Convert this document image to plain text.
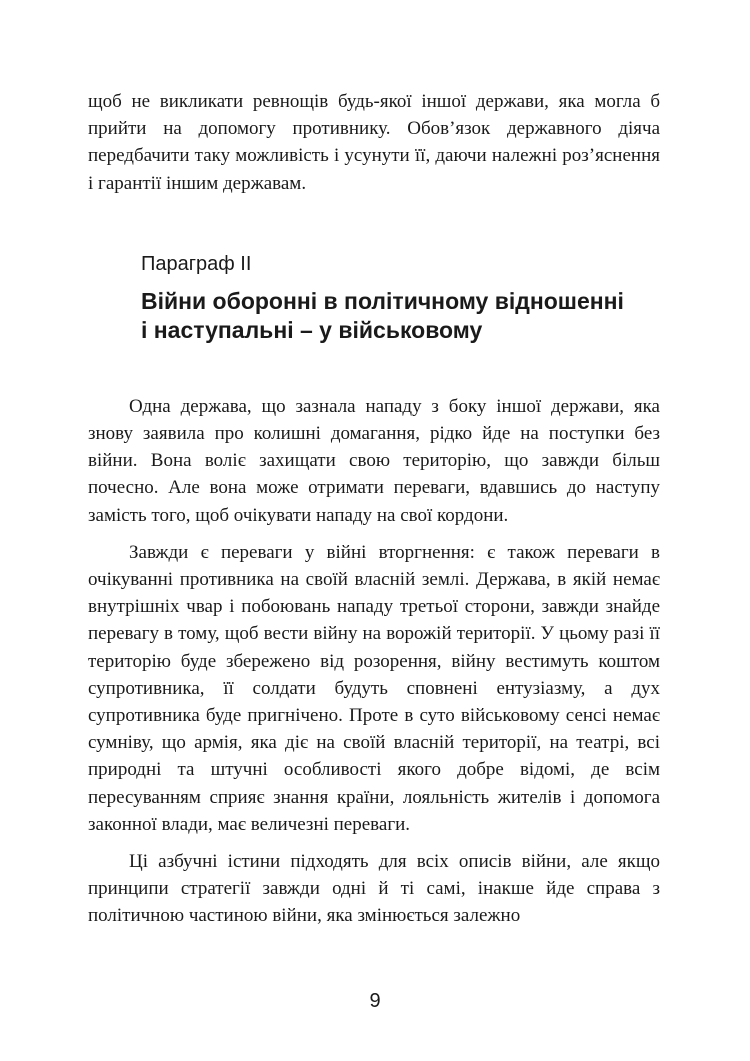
щоб не викликати ревнощів будь-якої іншої держави, яка могла б прийти на допомогу противнику. Обов’язок державного діяча передбачити таку можливість і усунути її, даючи належні роз’яснення і гарантії іншим державам.

Параграф II

Війни оборонні в політичному відношенні
і наступальні – у військовому

Одна держава, що зазнала нападу з боку іншої держави, яка знову заявила про колишні домагання, рідко йде на поступки без війни. Вона воліє захищати свою територію, що завжди більш почесно. Але вона може отримати переваги, вдавшись до наступу замість того, щоб очікувати нападу на свої кордони.

Завжди є переваги у війні вторгнення: є також переваги в очікуванні противника на своїй власній землі. Держава, в якій немає внутрішніх чвар і побоювань нападу третьої сторони, завжди знайде перевагу в тому, щоб вести війну на ворожій території. У цьому разі її територію буде збережено від розорення, війну вестимуть коштом супротивника, її солдати будуть сповнені ентузіазму, а дух супротивника буде пригнічено. Проте в суто військовому сенсі немає сумніву, що армія, яка діє на своїй власній території, на театрі, всі природні та штучні особливості якого добре відомі, де всім пересуванням сприяє знання країни, лояльність жителів і допомога законної влади, має величезні переваги.

Ці азбучні істини підходять для всіх описів війни, але якщо принципи стратегії завжди одні й ті самі, інакше йде справа з політичною частиною війни, яка змінюється залежно

9
